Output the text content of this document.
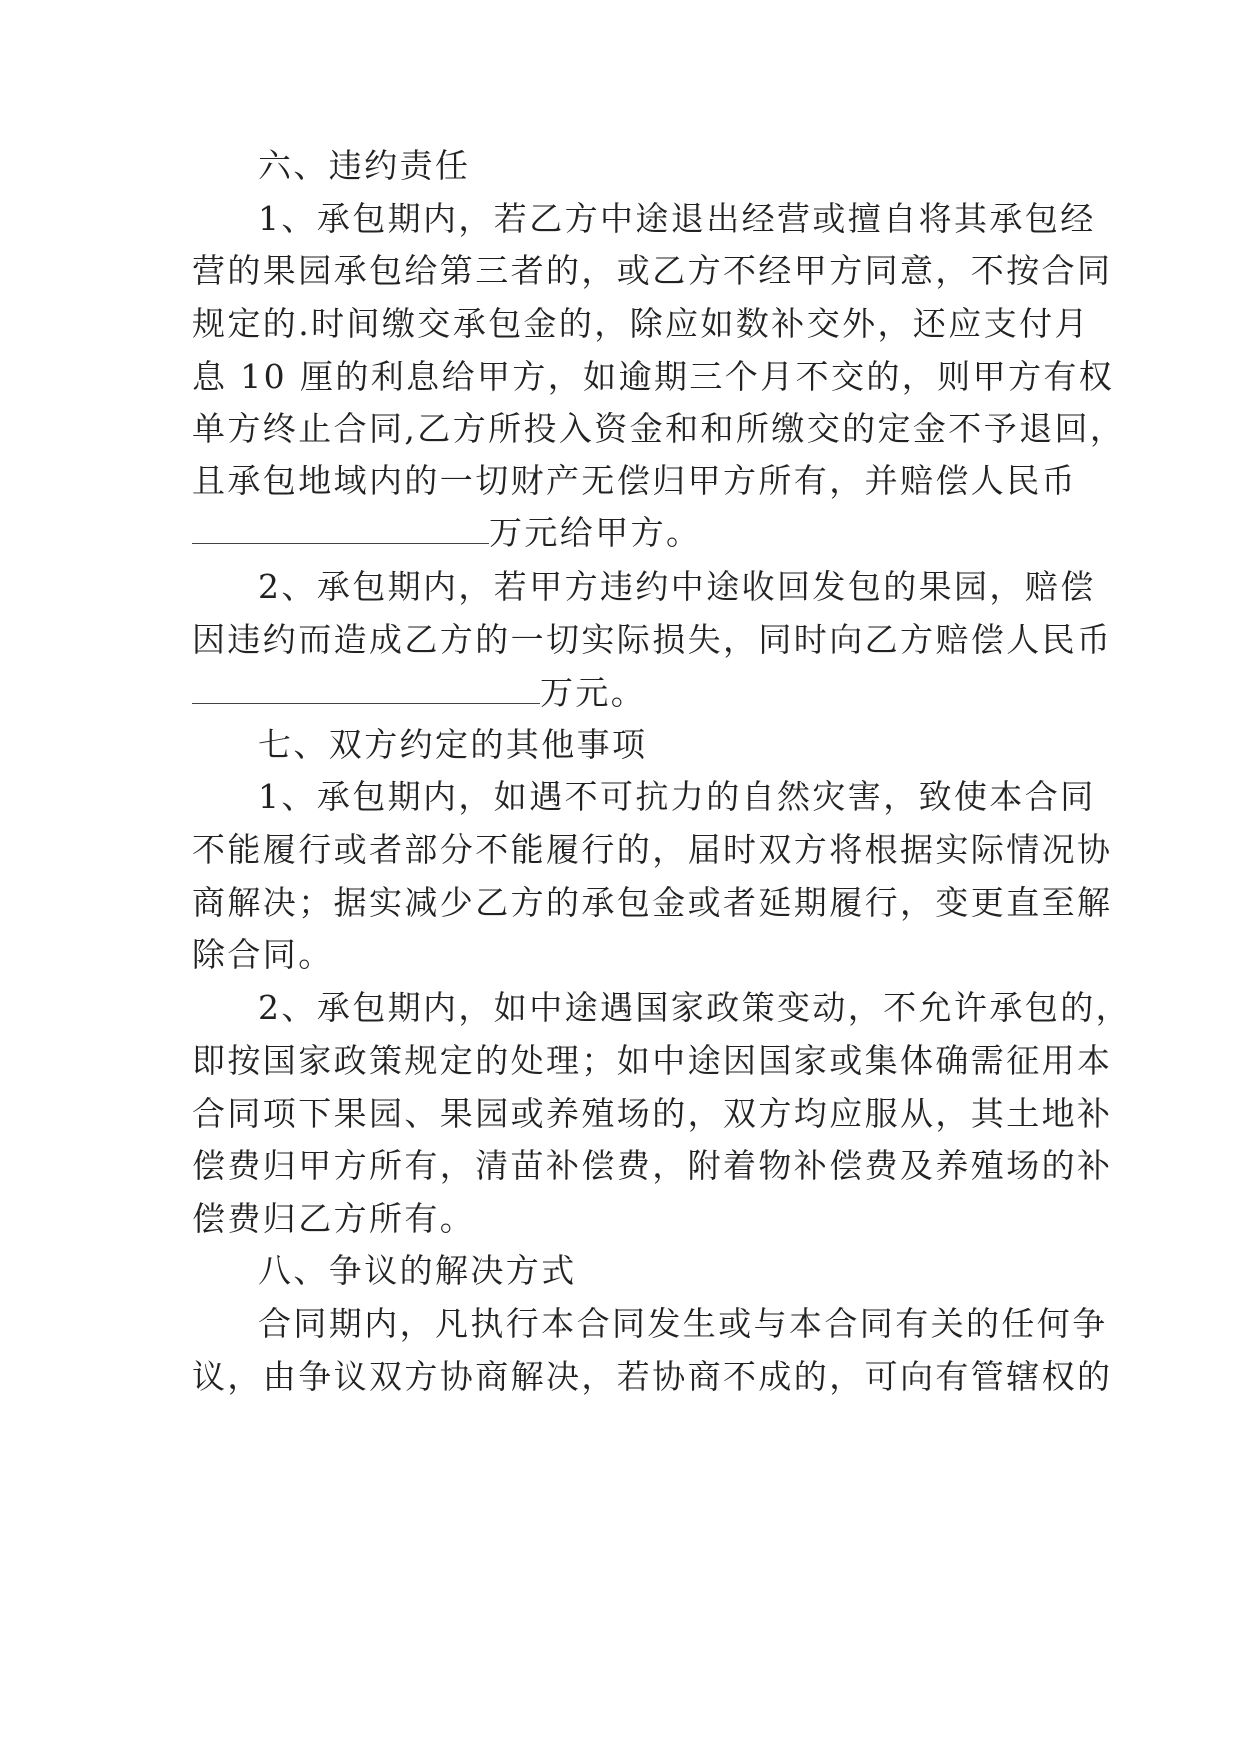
六、违约责任
1、承包期内，若乙方中途退出经营或擅自将其承包经
营的果园承包给第三者的，或乙方不经甲方同意，不按合同
规定的.时间缴交承包金的，除应如数补交外，还应支付月
息 10 厘的利息给甲方，如逾期三个月不交的，则甲方有权
单方终止合同,乙方所投入资金和和所缴交的定金不予退回，
且承包地域内的一切财产无偿归甲方所有，并赔偿人民币
万元给甲方。
2、承包期内，若甲方违约中途收回发包的果园，赔偿
因违约而造成乙方的一切实际损失，同时向乙方赔偿人民币
万元。
七、双方约定的其他事项
1、承包期内，如遇不可抗力的自然灾害，致使本合同
不能履行或者部分不能履行的，届时双方将根据实际情况协
商解决；据实减少乙方的承包金或者延期履行，变更直至解
除合同。
2、承包期内，如中途遇国家政策变动，不允许承包的，
即按国家政策规定的处理；如中途因国家或集体确需征用本
合同项下果园、果园或养殖场的，双方均应服从，其土地补
偿费归甲方所有，清苗补偿费，附着物补偿费及养殖场的补
偿费归乙方所有。
八、争议的解决方式
合同期内，凡执行本合同发生或与本合同有关的任何争
议，由争议双方协商解决，若协商不成的，可向有管辖权的
